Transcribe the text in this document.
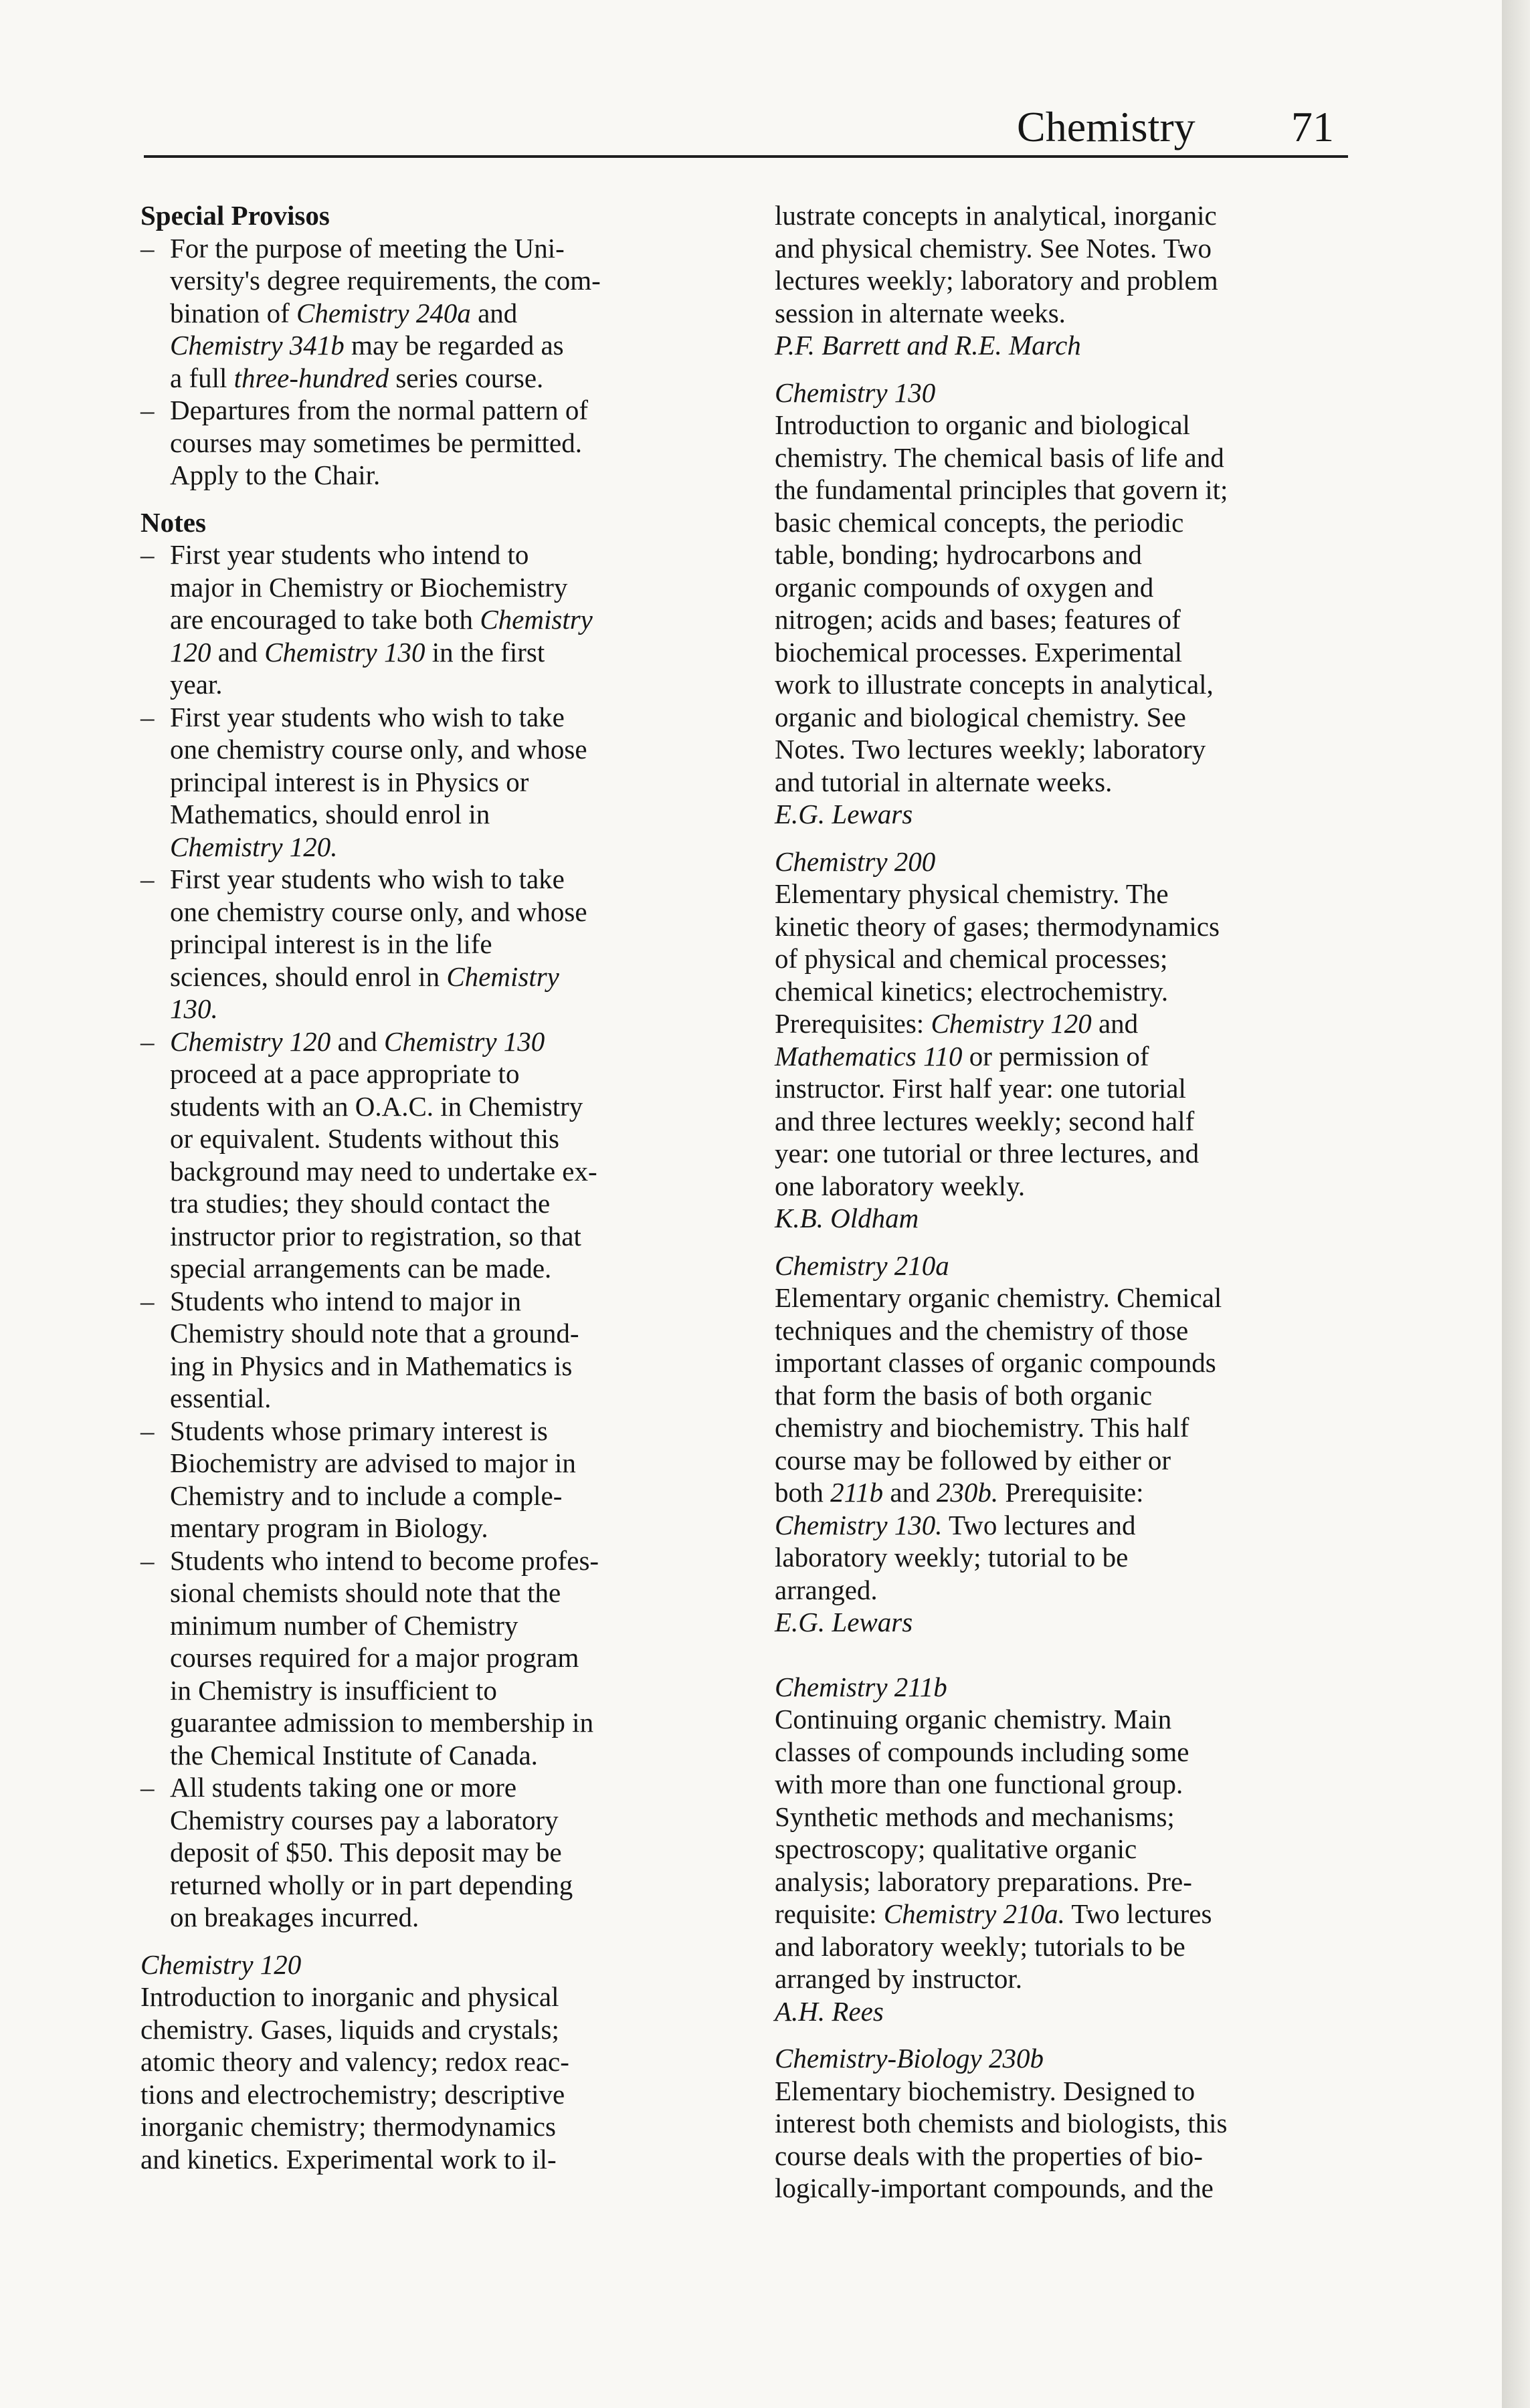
Chemistry 71
Special Provisos
– For the purpose of meeting the Uni-
versity's degree requirements, the com-
bination of Chemistry 240a and
Chemistry 341b may be regarded as
a full three-hundred series course.
– Departures from the normal pattern of
courses may sometimes be permitted.
Apply to the Chair.
Notes
– First year students who intend to
major in Chemistry or Biochemistry
are encouraged to take both Chemistry
120 and Chemistry 130 in the first
year.
– First year students who wish to take
one chemistry course only, and whose
principal interest is in Physics or
Mathematics, should enrol in
Chemistry 120.
– First year students who wish to take
one chemistry course only, and whose
principal interest is in the life
sciences, should enrol in Chemistry
130.
– Chemistry 120 and Chemistry 130
proceed at a pace appropriate to
students with an O.A.C. in Chemistry
or equivalent. Students without this
background may need to undertake ex-
tra studies; they should contact the
instructor prior to registration, so that
special arrangements can be made.
– Students who intend to major in
Chemistry should note that a ground-
ing in Physics and in Mathematics is
essential.
– Students whose primary interest is
Biochemistry are advised to major in
Chemistry and to include a comple-
mentary program in Biology.
– Students who intend to become profes-
sional chemists should note that the
minimum number of Chemistry
courses required for a major program
in Chemistry is insufficient to
guarantee admission to membership in
the Chemical Institute of Canada.
– All students taking one or more
Chemistry courses pay a laboratory
deposit of $50. This deposit may be
returned wholly or in part depending
on breakages incurred.
Chemistry 120
Introduction to inorganic and physical
chemistry. Gases, liquids and crystals;
atomic theory and valency; redox reac-
tions and electrochemistry; descriptive
inorganic chemistry; thermodynamics
and kinetics. Experimental work to il-
lustrate concepts in analytical, inorganic
and physical chemistry. See Notes. Two
lectures weekly; laboratory and problem
session in alternate weeks.
P.F. Barrett and R.E. March
Chemistry 130
Introduction to organic and biological
chemistry. The chemical basis of life and
the fundamental principles that govern it;
basic chemical concepts, the periodic
table, bonding; hydrocarbons and
organic compounds of oxygen and
nitrogen; acids and bases; features of
biochemical processes. Experimental
work to illustrate concepts in analytical,
organic and biological chemistry. See
Notes. Two lectures weekly; laboratory
and tutorial in alternate weeks.
E.G. Lewars
Chemistry 200
Elementary physical chemistry. The
kinetic theory of gases; thermodynamics
of physical and chemical processes;
chemical kinetics; electrochemistry.
Prerequisites: Chemistry 120 and
Mathematics 110 or permission of
instructor. First half year: one tutorial
and three lectures weekly; second half
year: one tutorial or three lectures, and
one laboratory weekly.
K.B. Oldham
Chemistry 210a
Elementary organic chemistry. Chemical
techniques and the chemistry of those
important classes of organic compounds
that form the basis of both organic
chemistry and biochemistry. This half
course may be followed by either or
both 211b and 230b. Prerequisite:
Chemistry 130. Two lectures and
laboratory weekly; tutorial to be
arranged.
E.G. Lewars
Chemistry 211b
Continuing organic chemistry. Main
classes of compounds including some
with more than one functional group.
Synthetic methods and mechanisms;
spectroscopy; qualitative organic
analysis; laboratory preparations. Pre-
requisite: Chemistry 210a. Two lectures
and laboratory weekly; tutorials to be
arranged by instructor.
A.H. Rees
Chemistry-Biology 230b
Elementary biochemistry. Designed to
interest both chemists and biologists, this
course deals with the properties of bio-
logically-important compounds, and the
